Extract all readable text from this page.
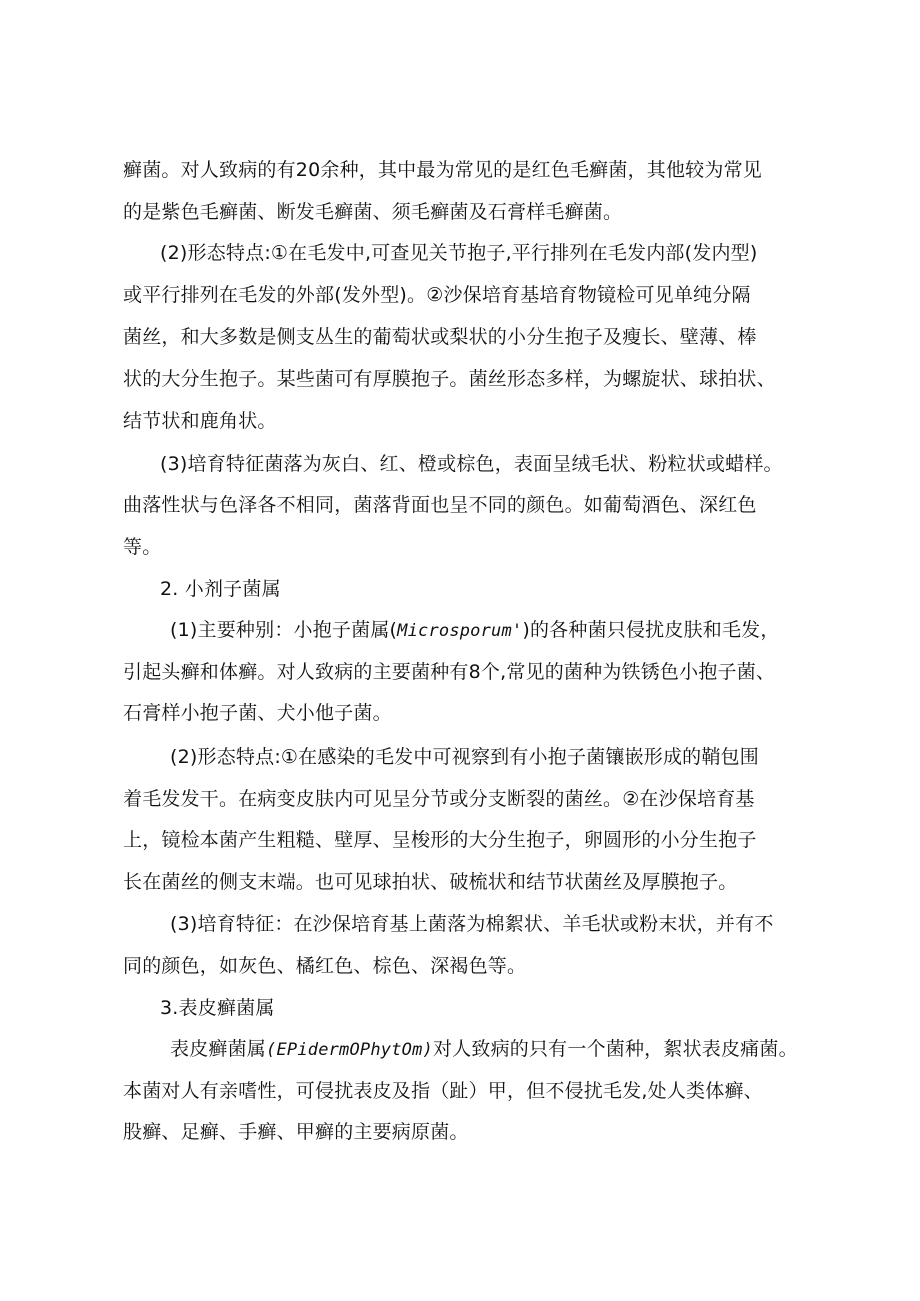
癣菌。对人致病的有20余种，其中最为常见的是红色毛癣菌，其他较为常见
的是紫色毛癣菌、断发毛癣菌、须毛癣菌及石膏样毛癣菌。
(2)形态特点:①在毛发中,可查见关节抱子,平行排列在毛发内部(发内型)
或平行排列在毛发的外部(发外型)。②沙保培育基培育物镜检可见单纯分隔
菌丝，和大多数是侧支丛生的葡萄状或梨状的小分生抱子及瘦长、壁薄、棒
状的大分生抱子。某些菌可有厚膜抱子。菌丝形态多样，为螺旋状、球拍状、
结节状和鹿角状。
(3)培育特征菌落为灰白、红、橙或棕色，表面呈绒毛状、粉粒状或蜡样。
曲落性状与色泽各不相同，菌落背面也呈不同的颜色。如葡萄酒色、深红色
等。
2. 小剂子菌属
(1)主要种别：小抱子菌属(Microsporum')的各种菌只侵扰皮肤和毛发，
引起头癣和体癣。对人致病的主要菌种有8个,常见的菌种为铁锈色小抱子菌、
石膏样小抱子菌、犬小他子菌。
(2)形态特点:①在感染的毛发中可视察到有小抱子菌镶嵌形成的鞘包围
着毛发发干。在病变皮肤内可见呈分节或分支断裂的菌丝。②在沙保培育基
上，镜检本菌产生粗糙、壁厚、呈梭形的大分生抱子，卵圆形的小分生抱子
长在菌丝的侧支末端。也可见球拍状、破梳状和结节状菌丝及厚膜抱子。
(3)培育特征：在沙保培育基上菌落为棉絮状、羊毛状或粉末状，并有不
同的颜色，如灰色、橘红色、棕色、深褐色等。
3.表皮癣菌属
表皮癣菌属(EPidermOPhytOm)对人致病的只有一个菌种，絮状表皮痛菌。
本菌对人有亲嗜性，可侵扰表皮及指（趾）甲，但不侵扰毛发,处人类体癣、
股癣、足癣、手癣、甲癣的主要病原菌。
